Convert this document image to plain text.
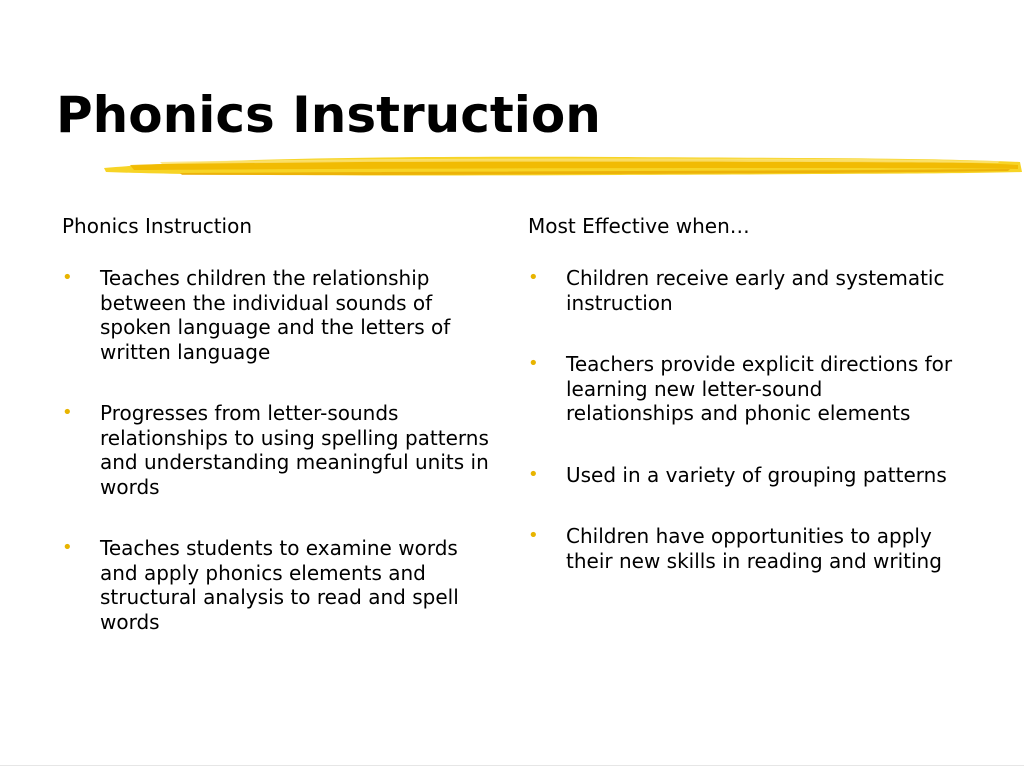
Phonics Instruction

Phonics Instruction

• Teaches children the relationship between the individual sounds of spoken language and the letters of written language
• Progresses from letter-sounds relationships to using spelling patterns and understanding meaningful units in words
• Teaches students to examine words and apply phonics elements and structural analysis to read and spell words

Most Effective when…

• Children receive early and systematic instruction
• Teachers provide explicit directions for learning new letter-sound relationships and phonic elements
• Used in a variety of grouping patterns
• Children have opportunities to apply their new skills in reading and writing
